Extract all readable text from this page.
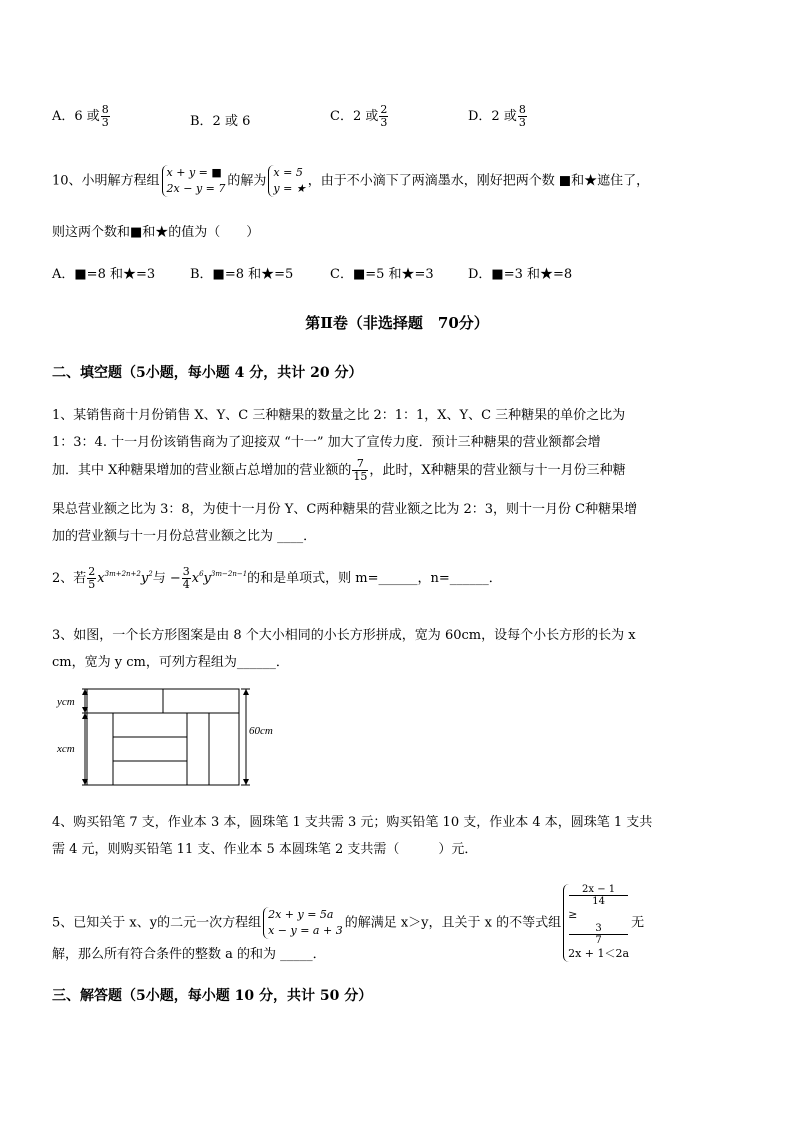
A．6 或 $\frac{8}{3}$	B．2 或 6	C．2 或 $\frac{2}{3}$	D．2 或 $\frac{8}{3}$
10、小明解方程组
x + y = ■
2x − y = 7 的解为
x = 5
y = ★ ，由于不小滴下了两滴墨水，刚好把两个数 ■和★遮住了，
则这两个数和■和★的值为（　　）
A．■=8 和★=3	B．■=8 和★=5	C．■=5 和★=3	D．■=3 和★=8
第Ⅱ卷（非选择题　70分）
二、填空题（5小题，每小题 4 分，共计 20 分）
1、某销售商十月份销售 X、Y、C 三种糖果的数量之比 2：1：1，X、Y、C 三种糖果的单价之比为
1：3：4. 十一月份该销售商为了迎接双 “十一” 加大了宣传力度．预计三种糖果的营业额都会增
加．其中 X种糖果增加的营业额占总增加的营业额的 $\frac{7}{15}$ ，此时，X种糖果的营业额与十一月份三种糖
果总营业额之比为 3：8，为使十一月份 Y、C两种糖果的营业额之比为 2：3，则十一月份 C种糖果增
加的营业额与十一月份总营业额之比为 ____．
2、若 $\frac{2}{5} x^{3m+2n+2}y^2$与 − $\frac{3}{4} x^6y^{3m-2n-1}$的和是单项式，则 m=______，n=______．
3、如图，一个长方形图案是由 8 个大小相同的小长方形拼成，宽为 60cm，设每个小长方形的长为 x
cm，宽为 y cm，可列方程组为______．
ycm
xcm
60cm
4、购买铅笔 7 支，作业本 3 本，圆珠笔 1 支共需 3 元；购买铅笔 10 支，作业本 4 本，圆珠笔 1 支共
需 4 元，则购买铅笔 11 支、作业本 5 本圆珠笔 2 支共需（　　　）元．
5、已知关于 x、y的二元一次方程组
2x + y = 5a
x − y = a + 3 的解满足 x＞y，且关于 x 的不等式组
2x − 1
14
≥
3
7
2x + 1＜2a
无
解，那么所有符合条件的整数 a 的和为 _____．
三、解答题（5小题，每小题 10 分，共计 50 分）
